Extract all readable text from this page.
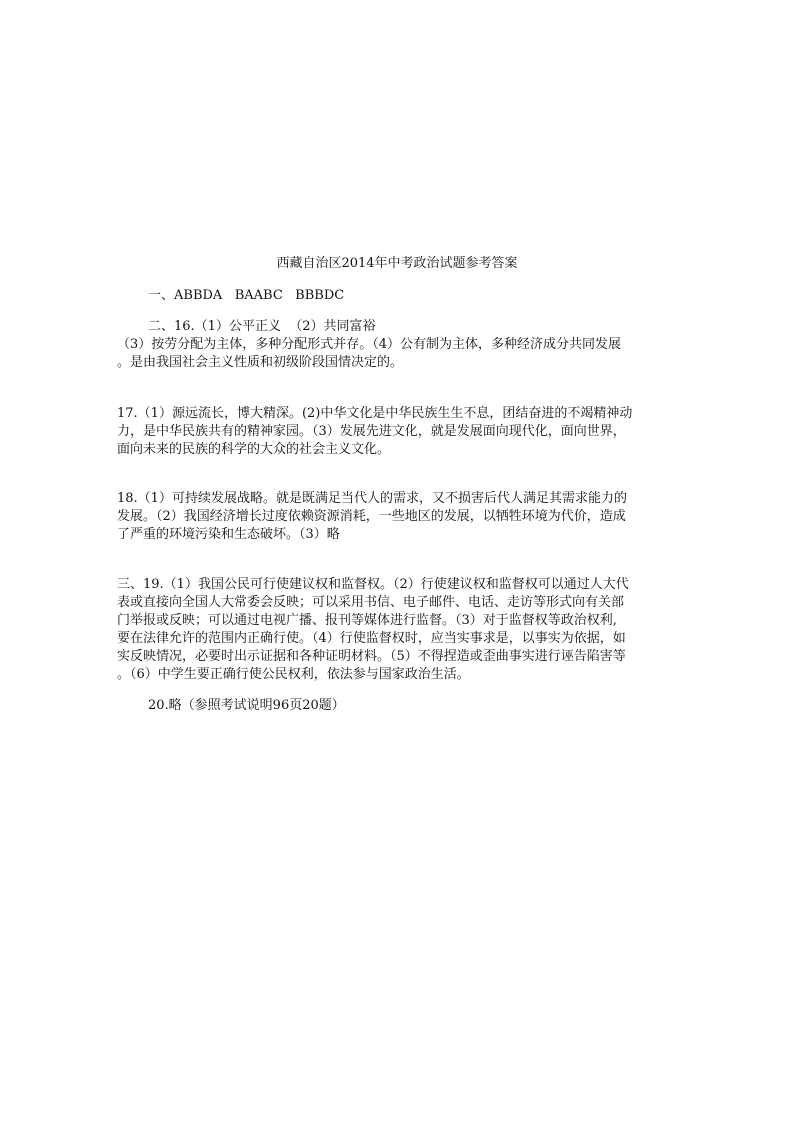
西藏自治区2014年中考政治试题参考答案
一、ABBDA   BAABC   BBBDC
二、16.（1）公平正义  （2）共同富裕
（3）按劳分配为主体，多种分配形式并存。（4）公有制为主体，多种经济成分共同发展
。是由我国社会主义性质和初级阶段国情决定的。
17.（1）源远流长，博大精深。(2)中华文化是中华民族生生不息，团结奋进的不竭精神动
力，是中华民族共有的精神家园。（3）发展先进文化，就是发展面向现代化，面向世界，
面向未来的民族的科学的大众的社会主义文化。
18.（1）可持续发展战略。就是既满足当代人的需求，又不损害后代人满足其需求能力的
发展。（2）我国经济增长过度依赖资源消耗，一些地区的发展，以牺牲环境为代价，造成
了严重的环境污染和生态破坏。（3）略
三、19.（1）我国公民可行使建议权和监督权。（2）行使建议权和监督权可以通过人大代
表或直接向全国人大常委会反映；可以采用书信、电子邮件、电话、走访等形式向有关部
门举报或反映；可以通过电视广播、报刊等媒体进行监督。（3）对于监督权等政治权利,
要在法律允许的范围内正确行使。（4）行使监督权时，应当实事求是，以事实为依据，如
实反映情况，必要时出示证据和各种证明材料。（5）不得捏造或歪曲事实进行诬告陷害等
。（6）中学生要正确行使公民权利，依法参与国家政治生活。
20.略（参照考试说明96页20题）
